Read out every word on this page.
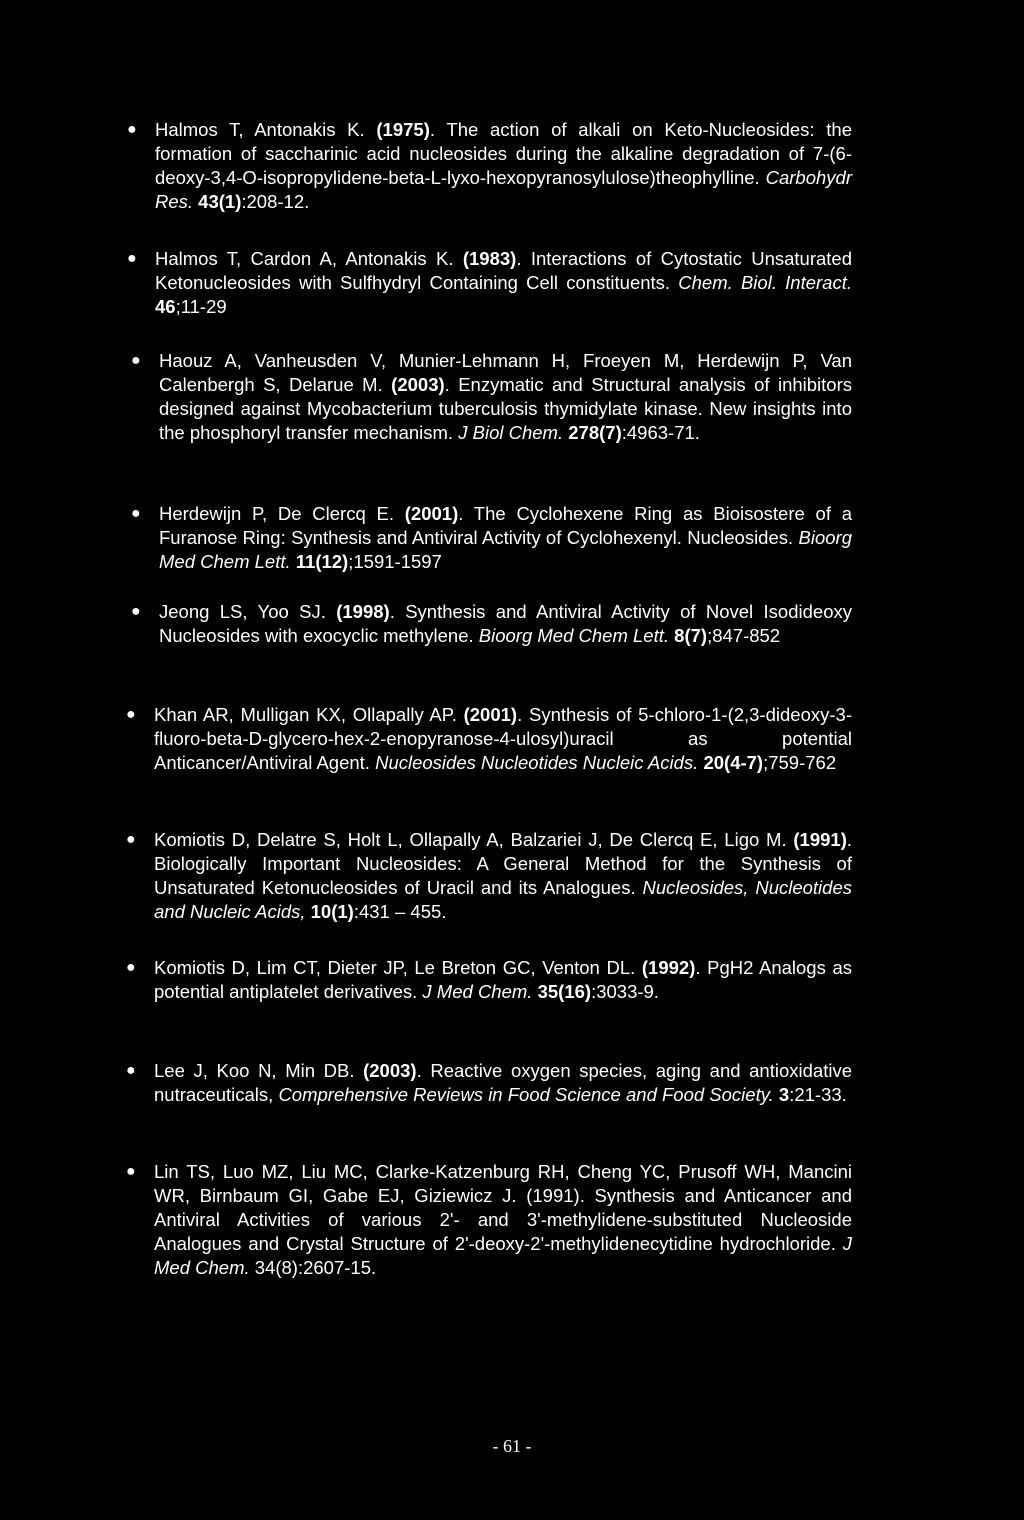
● Halmos T, Antonakis K. (1975). The action of alkali on Keto-Nucleosides: the formation of saccharinic acid nucleosides during the alkaline degradation of 7-(6-deoxy-3,4-O-isopropylidene-beta-L-lyxo-hexopyranosylulose)theophylline. Carbohydr Res. 43(1):208-12.
● Halmos T, Cardon A, Antonakis K. (1983). Interactions of Cytostatic Unsaturated Ketonucleosides with Sulfhydryl Containing Cell constituents. Chem. Biol. Interact. 46;11-29
● Haouz A, Vanheusden V, Munier-Lehmann H, Froeyen M, Herdewijn P, Van Calenbergh S, Delarue M. (2003). Enzymatic and Structural analysis of inhibitors designed against Mycobacterium tuberculosis thymidylate kinase. New insights into the phosphoryl transfer mechanism. J Biol Chem. 278(7):4963-71.
● Herdewijn P, De Clercq E. (2001). The Cyclohexene Ring as Bioisostere of a Furanose Ring: Synthesis and Antiviral Activity of Cyclohexenyl. Nucleosides. Bioorg Med Chem Lett. 11(12);1591-1597
● Jeong LS, Yoo SJ. (1998). Synthesis and Antiviral Activity of Novel Isodideoxy Nucleosides with exocyclic methylene. Bioorg Med Chem Lett. 8(7);847-852
● Khan AR, Mulligan KX, Ollapally AP. (2001). Synthesis of 5-chloro-1-(2,3-dideoxy-3-fluoro-beta-D-glycero-hex-2-enopyranose-4-ulosyl)uracil as potential Anticancer/Antiviral Agent. Nucleosides Nucleotides Nucleic Acids. 20(4-7);759-762
● Komiotis D, Delatre S, Holt L, Ollapally A, Balzariei J, De Clercq E, Ligo M. (1991). Biologically Important Nucleosides: A General Method for the Synthesis of Unsaturated Ketonucleosides of Uracil and its Analogues. Nucleosides, Nucleotides and Nucleic Acids, 10(1):431 – 455.
● Komiotis D, Lim CT, Dieter JP, Le Breton GC, Venton DL. (1992). PgH2 Analogs as potential antiplatelet derivatives. J Med Chem. 35(16):3033-9.
● Lee J, Koo N, Min DB. (2003). Reactive oxygen species, aging and antioxidative nutraceuticals, Comprehensive Reviews in Food Science and Food Society. 3:21-33.
● Lin TS, Luo MZ, Liu MC, Clarke-Katzenburg RH, Cheng YC, Prusoff WH, Mancini WR, Birnbaum GI, Gabe EJ, Giziewicz J. (1991). Synthesis and Anticancer and Antiviral Activities of various 2'- and 3'-methylidene-substituted Nucleoside Analogues and Crystal Structure of 2'-deoxy-2'-methylidenecytidine hydrochloride. J Med Chem. 34(8):2607-15.
- 61 -
